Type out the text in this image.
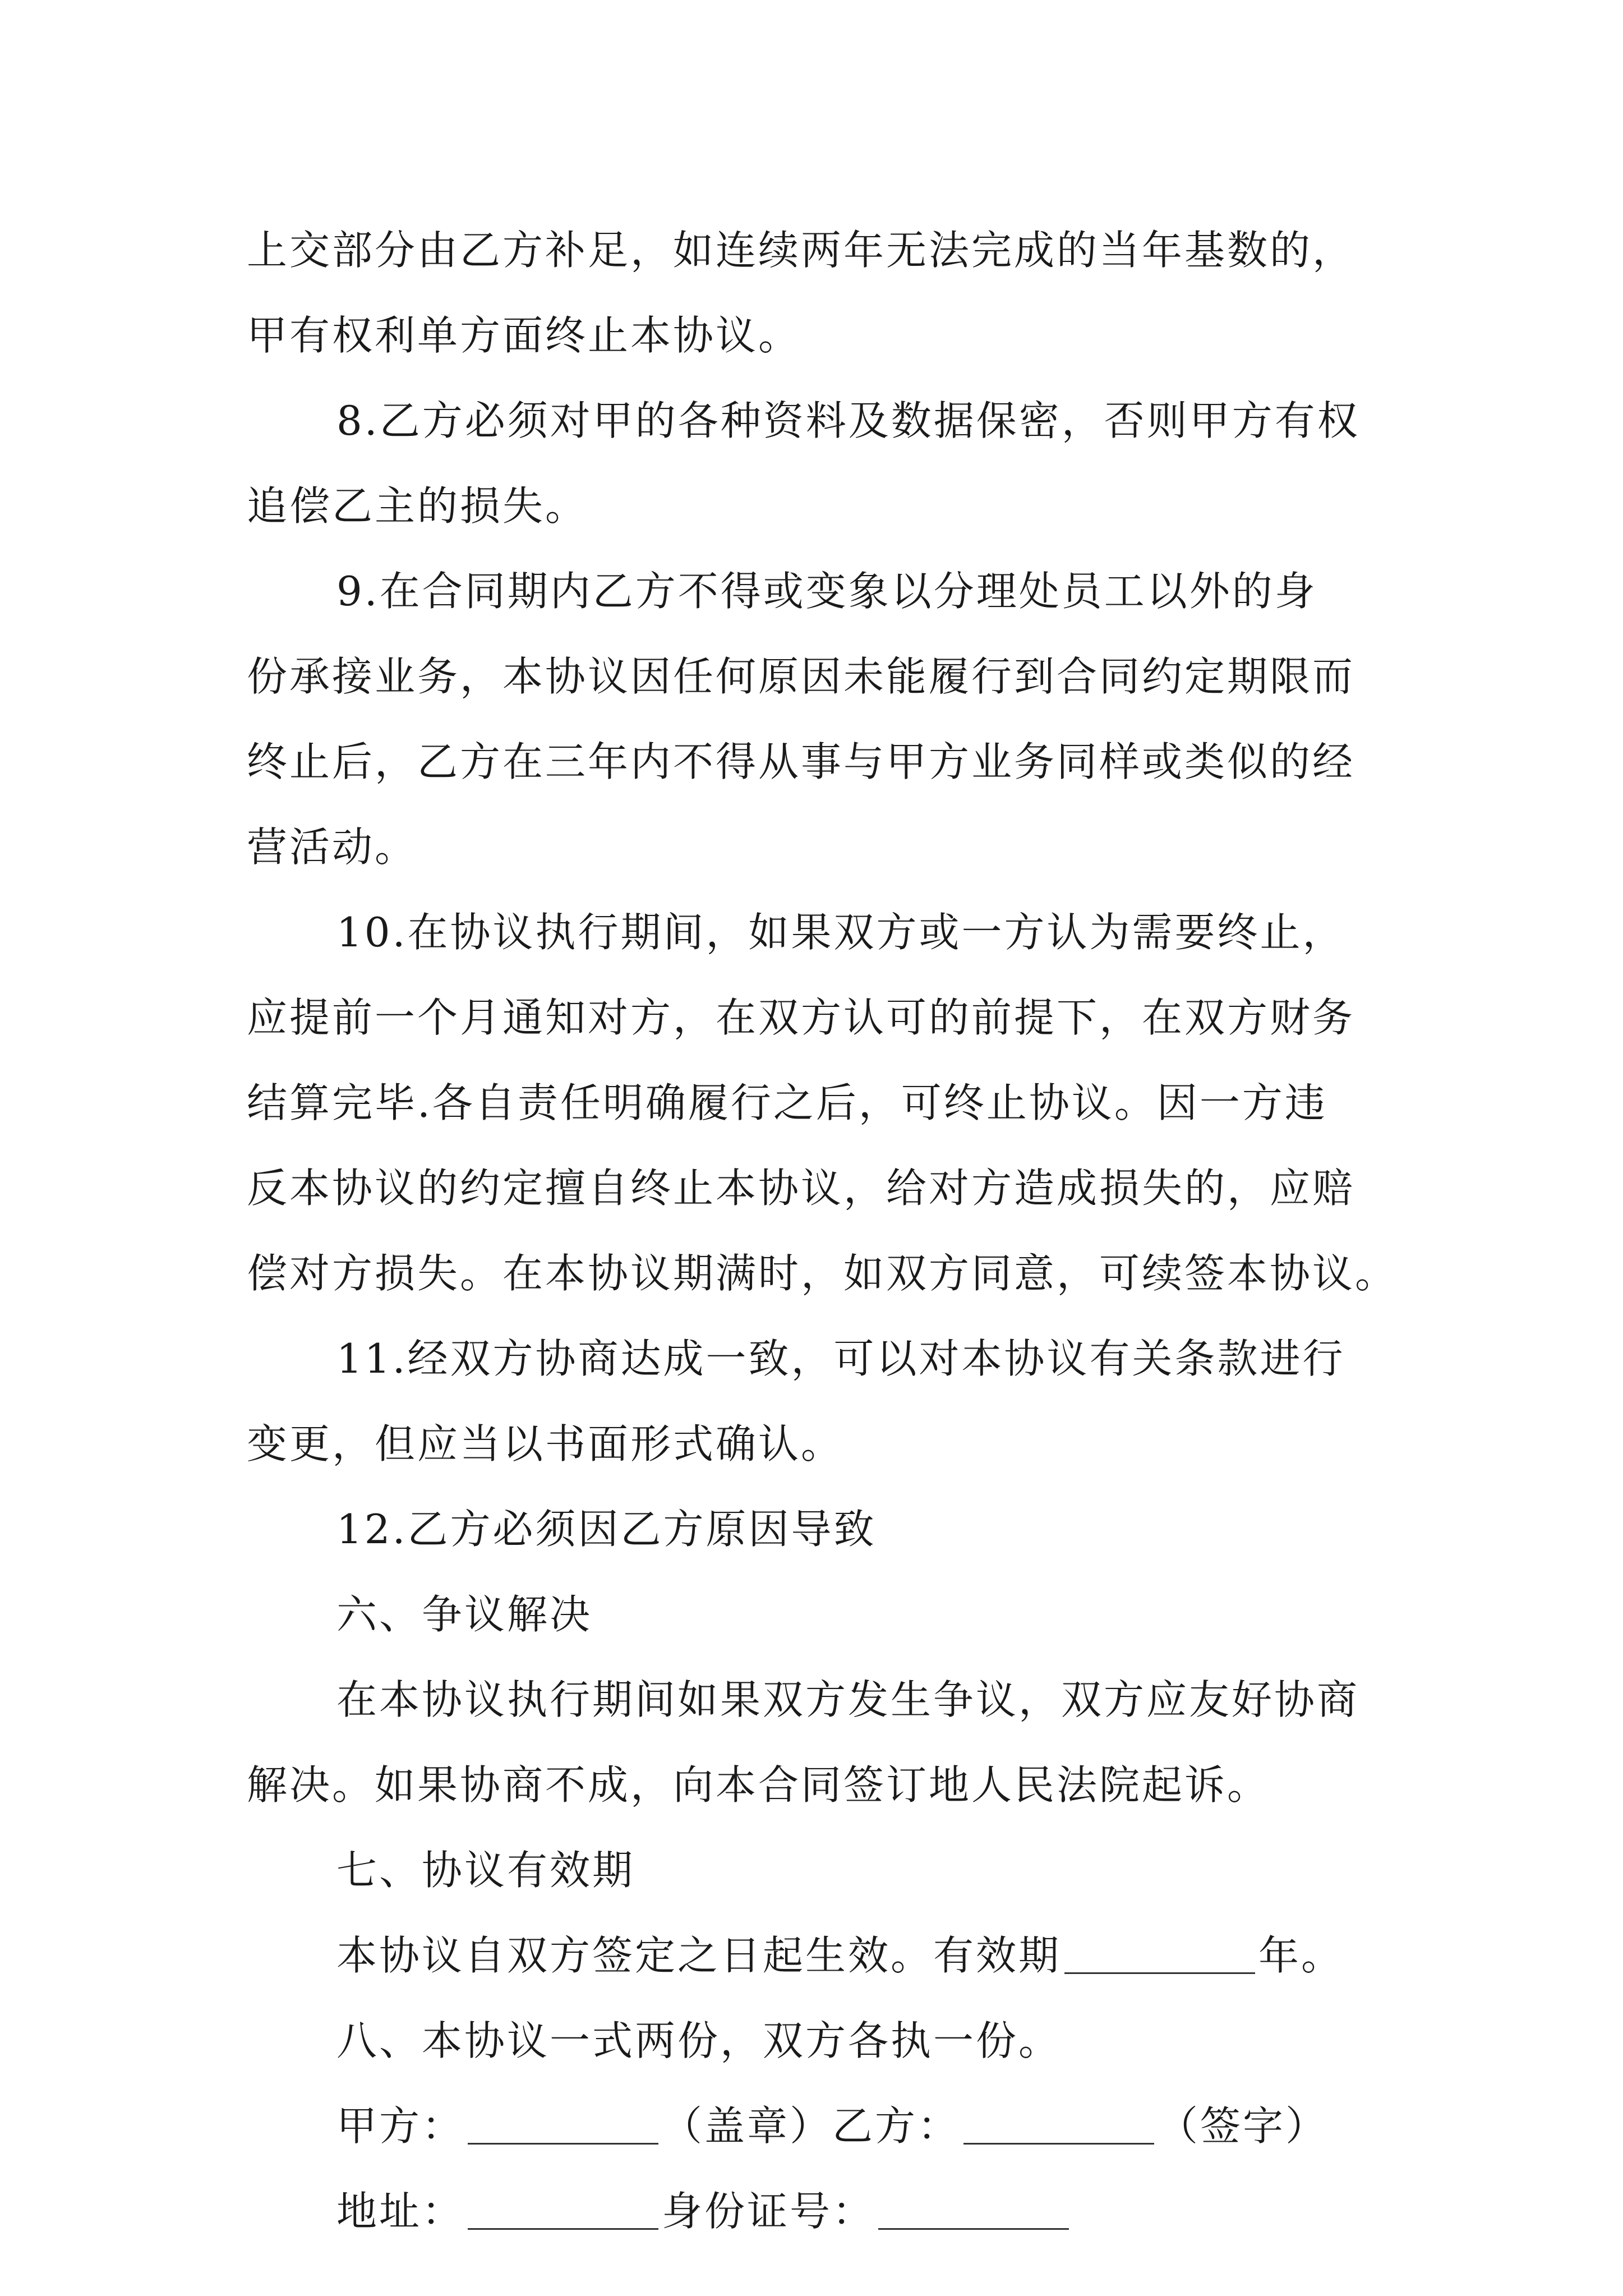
上交部分由乙方补足，如连续两年无法完成的当年基数的，
甲有权利单方面终止本协议。
8.乙方必须对甲的各种资料及数据保密，否则甲方有权
追偿乙主的损失。
9.在合同期内乙方不得或变象以分理处员工以外的身
份承接业务，本协议因任何原因未能履行到合同约定期限而
终止后，乙方在三年内不得从事与甲方业务同样或类似的经
营活动。
10.在协议执行期间，如果双方或一方认为需要终止，
应提前一个月通知对方，在双方认可的前提下，在双方财务
结算完毕.各自责任明确履行之后，可终止协议。因一方违
反本协议的约定擅自终止本协议，给对方造成损失的，应赔
偿对方损失。在本协议期满时，如双方同意，可续签本协议。
11.经双方协商达成一致，可以对本协议有关条款进行
变更，但应当以书面形式确认。
12.乙方必须因乙方原因导致
六、争议解决
在本协议执行期间如果双方发生争议，双方应友好协商
解决。如果协商不成，向本合同签订地人民法院起诉。
七、协议有效期
本协议自双方签定之日起生效。有效期	年。
八、本协议一式两份，双方各执一份。
甲方：	（盖章）乙方：	（签字）
地址：	身份证号：
